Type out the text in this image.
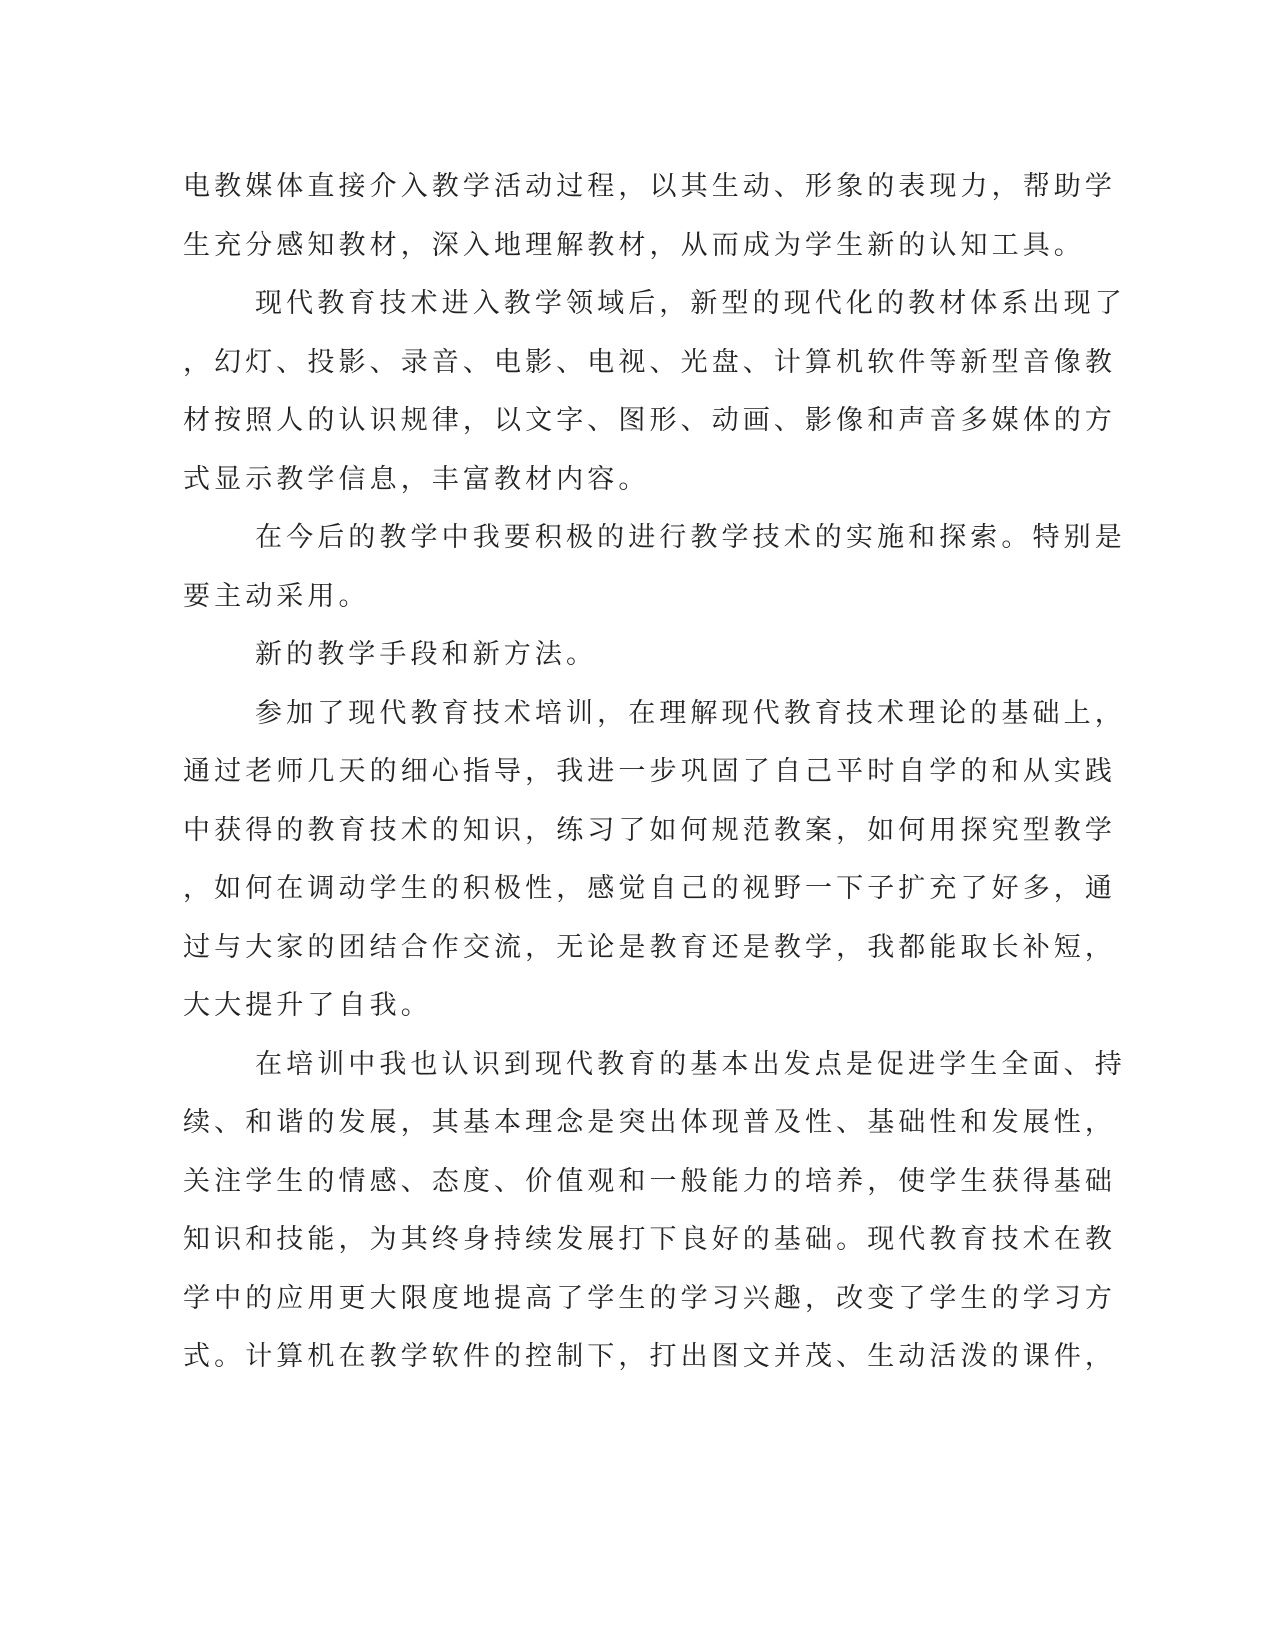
电教媒体直接介入教学活动过程，以其生动、形象的表现力，帮助学
生充分感知教材，深入地理解教材，从而成为学生新的认知工具。
现代教育技术进入教学领域后，新型的现代化的教材体系出现了
，幻灯、投影、录音、电影、电视、光盘、计算机软件等新型音像教
材按照人的认识规律，以文字、图形、动画、影像和声音多媒体的方
式显示教学信息，丰富教材内容。
在今后的教学中我要积极的进行教学技术的实施和探索。特别是
要主动采用。
新的教学手段和新方法。
参加了现代教育技术培训，在理解现代教育技术理论的基础上，
通过老师几天的细心指导，我进一步巩固了自己平时自学的和从实践
中获得的教育技术的知识，练习了如何规范教案，如何用探究型教学
，如何在调动学生的积极性，感觉自己的视野一下子扩充了好多，通
过与大家的团结合作交流，无论是教育还是教学，我都能取长补短，
大大提升了自我。
在培训中我也认识到现代教育的基本出发点是促进学生全面、持
续、和谐的发展，其基本理念是突出体现普及性、基础性和发展性，
关注学生的情感、态度、价值观和一般能力的培养，使学生获得基础
知识和技能，为其终身持续发展打下良好的基础。现代教育技术在教
学中的应用更大限度地提高了学生的学习兴趣，改变了学生的学习方
式。计算机在教学软件的控制下，打出图文并茂、生动活泼的课件，
